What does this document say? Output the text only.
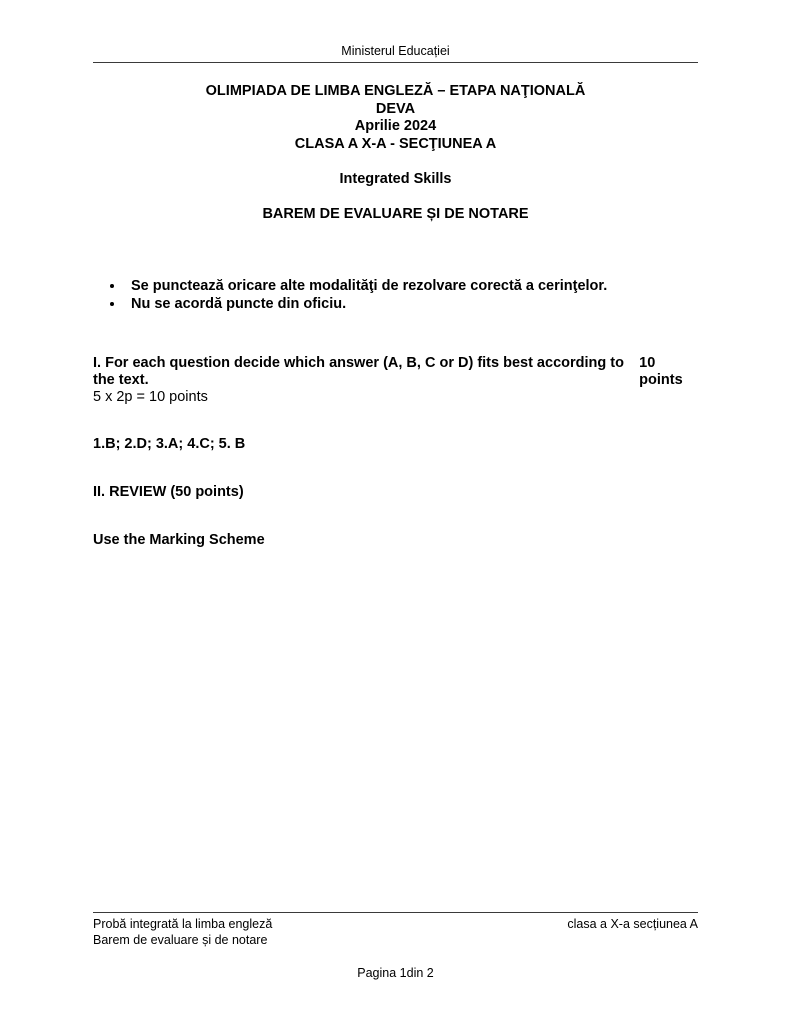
Ministerul Educației
OLIMPIADA DE LIMBA ENGLEZĂ – ETAPA NAŢIONALĂ
DEVA
Aprilie 2024
CLASA A X-A - SECŢIUNEA A
Integrated Skills
BAREM DE EVALUARE ȘI DE NOTARE
• Se punctează oricare alte modalităţi de rezolvare corectă a cerinţelor.
• Nu se acordă puncte din oficiu.
I. For each question decide which answer (A, B, C or D) fits best according to the text.
10 points
5 x 2p = 10 points
1.B; 2.D; 3.A; 4.C; 5. B
II. REVIEW (50 points)
Use the Marking Scheme
Probă integrată la limba engleză
Barem de evaluare și de notare
clasa a X-a secțiunea A
Pagina 1din 2
